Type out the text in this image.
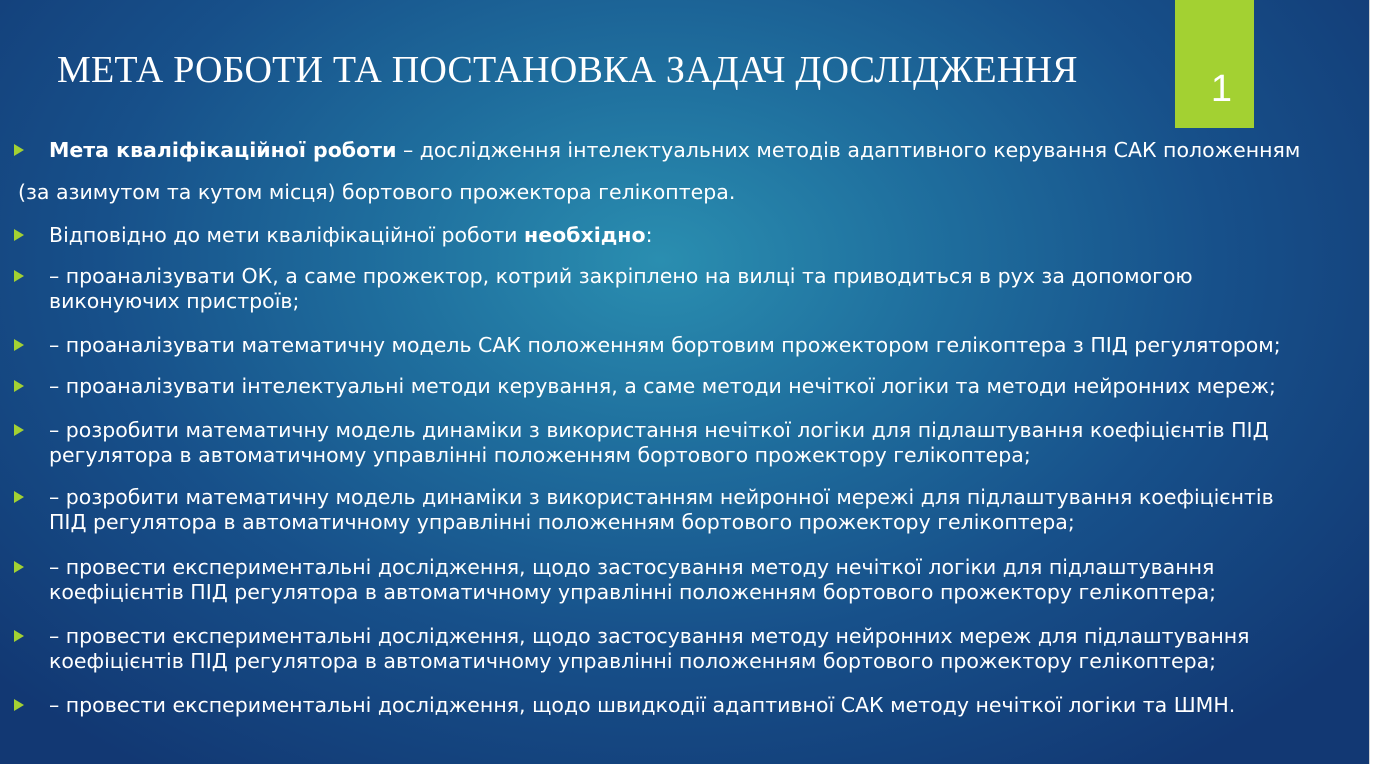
МЕТА РОБОТИ ТА ПОСТАНОВКА ЗАДАЧ ДОСЛІДЖЕННЯ	1
Мета кваліфікаційної роботи – дослідження інтелектуальних методів адаптивного керування САК положенням
(за азимутом та кутом місця) бортового прожектора гелікоптера.
Відповідно до мети кваліфікаційної роботи необхідно:
– проаналізувати ОК, а саме прожектор, котрий закріплено на вилці та приводиться в рух за допомогою
виконуючих пристроїв;
– проаналізувати математичну модель САК положенням бортовим прожектором гелікоптера з ПІД регулятором;
– проаналізувати інтелектуальні методи керування, а саме методи нечіткої логіки та методи нейронних мереж;
– розробити математичну модель динаміки з використання нечіткої логіки для підлаштування коефіцієнтів ПІД
регулятора в автоматичному управлінні положенням бортового прожектору гелікоптера;
– розробити математичну модель динаміки з використанням нейронної мережі для підлаштування коефіцієнтів
ПІД регулятора в автоматичному управлінні положенням бортового прожектору гелікоптера;
– провести експериментальні дослідження, щодо застосування методу нечіткої логіки для підлаштування
коефіцієнтів ПІД регулятора в автоматичному управлінні положенням бортового прожектору гелікоптера;
– провести експериментальні дослідження, щодо застосування методу нейронних мереж для підлаштування
коефіцієнтів ПІД регулятора в автоматичному управлінні положенням бортового прожектору гелікоптера;
– провести експериментальні дослідження, щодо швидкодії адаптивної САК методу нечіткої логіки та ШМН.
